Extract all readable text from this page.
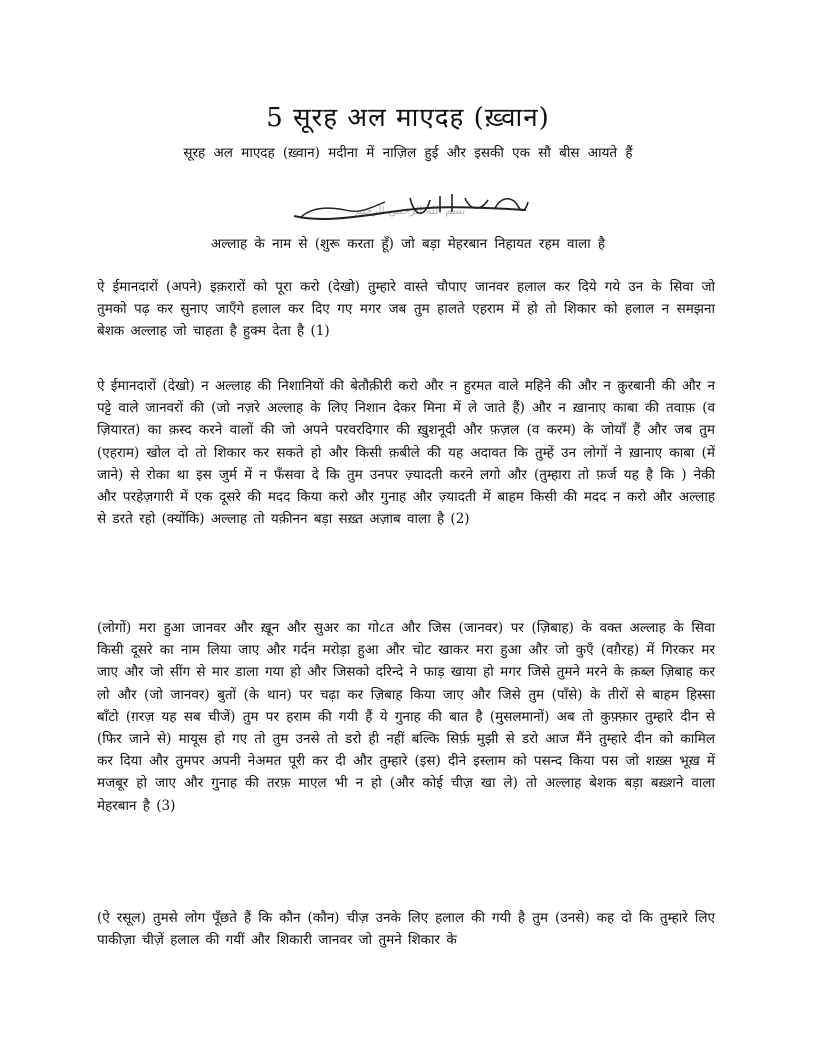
5 सूरह अल माएदह (ख़्वान)
सूरह अल माएदह (ख़्वान) मदीना में नाज़िल हुई और इसकी एक सौ बीस आयते हैं
بسم الله الرحمن الرحيم
अल्लाह के नाम से (शुरू करता हूँ) जो बड़ा मेहरबान निहायत रहम वाला है

ऐ ईमानदारों (अपने) इक़रारों को पूरा करो (देखो) तुम्हारे वास्ते चौपाए जानवर हलाल कर दिये गये उन के सिवा जो तुमको पढ़ कर सुनाए जाएँगे हलाल कर दिए गए मगर जब तुम हालते एहराम में हो तो शिकार को हलाल न समझना बेशक अल्लाह जो चाहता है हुक्म देता है (1)

ऐ ईमानदारों (देखो) न अल्लाह की निशानियों की बेतौक़ीरी करो और न हुरमत वाले महिने की और न क़ुरबानी की और न पट्टे वाले जानवरों की (जो नज़रे अल्लाह के लिए निशान देकर मिना में ले जाते हैं) और न ख़ानाए काबा की तवाफ़ (व ज़ियारत) का क़स्द करने वालों की जो अपने परवरदिगार की ख़ुशनूदी और फ़ज़ल (व करम) के जोयाँ हैं और जब तुम (एहराम) खोल दो तो शिकार कर सकते हो और किसी क़बीले की यह अदावत कि तुम्हें उन लोगों ने ख़ानाए काबा (में जाने) से रोका था इस जुर्म में न फँसवा दे कि तुम उनपर ज़्यादती करने लगो और (तुम्हारा तो फ़र्ज यह है कि ) नेकी और परहेज़गारी में एक दूसरे की मदद किया करो और गुनाह और ज़्यादती में बाहम किसी की मदद न करो और अल्लाह से डरते रहो (क्योंकि) अल्लाह तो यक़ीनन बड़ा सख़्त अज़ाब वाला है (2)

(लोगों) मरा हुआ जानवर और ख़ून और सुअर का गो८त और जिस (जानवर) पर (ज़िबाह) के वक्त अल्लाह के सिवा किसी दूसरे का नाम लिया जाए और गर्दन मरोड़ा हुआ और चोट खाकर मरा हुआ और जो कुएँ (वग़ैरह) में गिरकर मर जाए और जो सींग से मार डाला गया हो और जिसको दरिन्दे ने फाड़ खाया हो मगर जिसे तुमने मरने के क़ब्ल ज़िबाह कर लो और (जो जानवर) बुतों (के थान) पर चढ़ा कर ज़िबाह किया जाए और जिसे तुम (पाँसे) के तीरों से बाहम हिस्सा बाँटो (ग़रज़ यह सब चीजें) तुम पर हराम की गयी हैं ये गुनाह की बात है (मुसलमानों) अब तो कुफ़्फ़ार तुम्हारे दीन से (फिर जाने से) मायूस हो गए तो तुम उनसे तो डरो ही नहीं बल्कि सिर्फ़ मुझी से डरो आज मैंने तुम्हारे दीन को कामिल कर दिया और तुमपर अपनी नेअमत पूरी कर दी और तुम्हारे (इस) दीने इस्लाम को पसन्द किया पस जो शख़्स भूख़ में मजबूर हो जाए और गुनाह की तरफ़ माएल भी न हो (और कोई चीज़ खा ले) तो अल्लाह बेशक बड़ा बख़्शने वाला मेहरबान है (3)

(ऐ रसूल) तुमसे लोग पूँछते हैं कि कौन (कौन) चीज़ उनके लिए हलाल की गयी है तुम (उनसे) कह दो कि तुम्हारे लिए पाकीज़ा चीज़ें हलाल की गयीं और शिकारी जानवर जो तुमने शिकार के
